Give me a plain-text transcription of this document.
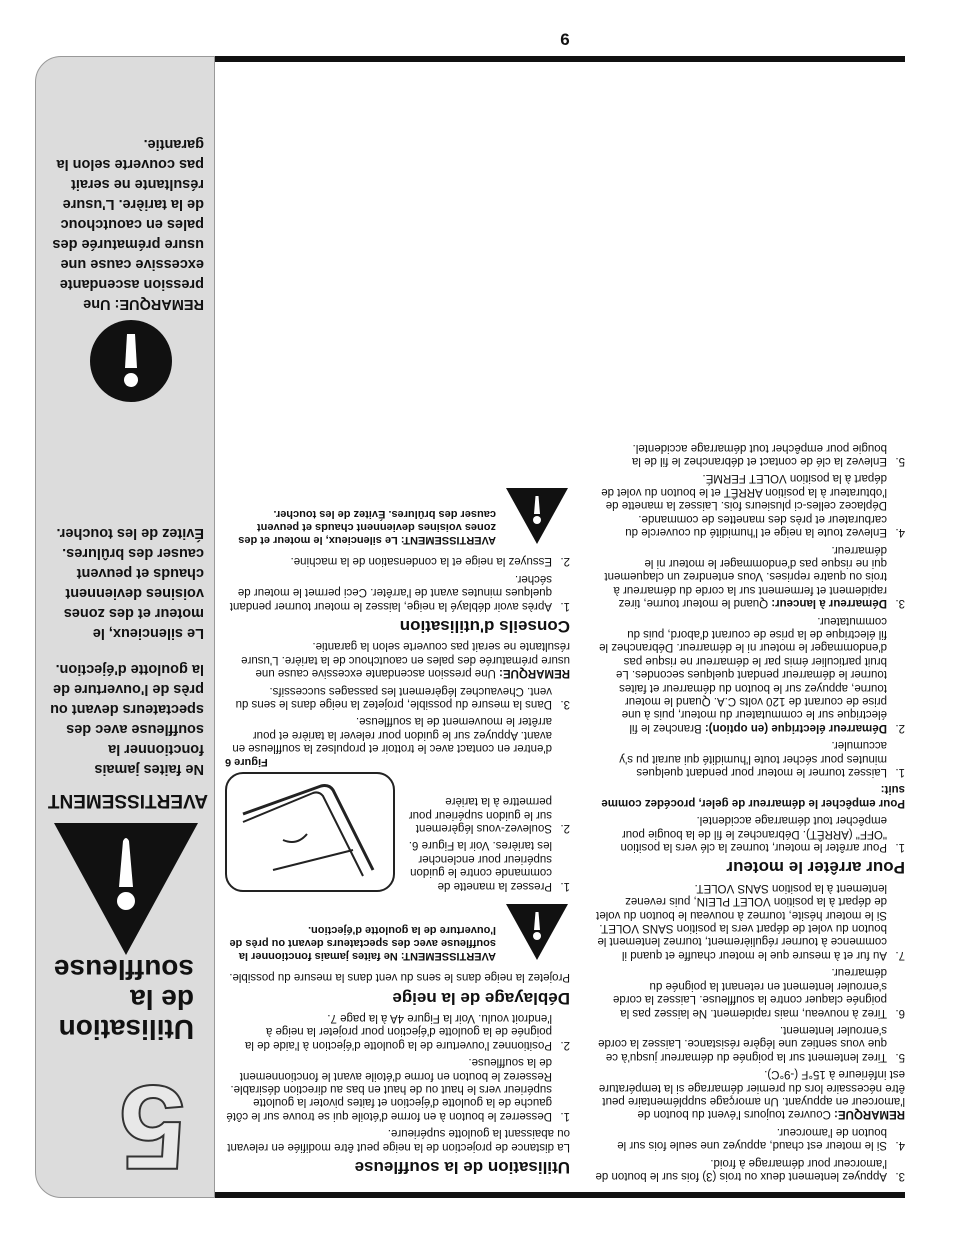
6
5
Utilisation de la souffleuse
AVERTISSEMENT

Ne faites jamais fonctionner la souffleuse avec des spectateurs devant ou près de l'ouverture de la goulotte d'éjection.

Le silencieux, le moteur et des zones voisines deviennent chauds et peuvent causer des brûlures. Évitez de les toucher.

REMARQUE: Une pression ascendante excessive cause une usure prématurée des pales en caoutchouc de la tarière. L'usure résultante ne serait pas couverte selon la garantie.
3.
Appuyez lentement deux ou trois (3) fois sur le bouton de l'amorceur pour démarrage à froid.
4.
Si le moteur est chaud, appuyez une seule fois sur le bouton de l'amorceur.

REMARQUE: Couvrez toujours l'évent du bouton de l'amorceur en appuyant. Un amorçage supplémentaire peut être nécessaire lors du premier démarrage si la température est inférieure à 15°F (-9°C).

5.
Tirez lentement sur la poignée du démarreur jusqu'à ce que vous sentiez une légère résistance. Laissez la corde s'enrouler lentement.
6.
Tirez à nouveau, mais rapidement. Ne laissez pas la poignée claquer contre la souffleuse. Laissez la corde s'enrouler lentement en retenant la poignée du démarreur.
7.
Au fur et à mesure que le moteur chauffe et quand il commence à tourner régulièrement, tournez lentement le bouton du volet de départ vers la position SANS VOLET. Si le moteur hésite, tournez à nouveau le bouton du volet de départ à la position VOLET PLEIN, puis revenez lentement à la position SANS VOLET.
Pour arrêter le moteur
1.
Pour arrêter le moteur, tournez la clé vers la position "OFF" (ARRÊT). Débranchez le fil de la bougie pour empêcher tout démarrage accidentel.

Pour empêcher le démarreur de geler, procédez comme suit:

1.
Laissez tourner le moteur pour pendant quelques minutes pour sécher toute l'humidité qui aurait pu s'y accumuler.
2.
Démarreur électrique (en option): Branchez le fil électrique sur le commutateur du moteur, puis à une prise de courant de 120 volts C.A. Quand le moteur tourne, appuyez sur le bouton du démarreur et faites tourner le démarreur pendant quelques secondes. Le bruit particulier émis par le démarreur ne risque pas d'endommager le moteur ni le démarreur. Débranchez le fil électrique de la prise de courant d'abord, puis du commutateur.
3.
Démarreur à lanceur: Quand le moteur tourne, tirez rapidement et fermement sur la corde du démarreur à trois ou quatre reprises. Vous entendrez un claquement qui ne risque pas d'endommager le moteur ni le démarreur.
4.
Enlevez toute la neige et l'humidité du couvercle du carburateur et près des manettes de commande. Déplacez celles-ci plusieurs fois. Laissez la manette de l'obturateur à la position ARRÊT et le bouton du volet de départ à la position VOLET FERMÉ.
5.
Enlevez la clé de contact et débranchez le fil de la bougie pour empêcher tout démarrage accidentel.
Utilisation de la souffleuse

La distance de projection de la neige peut être modifiée en relevant ou abaissant la goulotte supérieure.

1.
Desserrez le bouton à en forme d'étoile qui se trouve sur le côté gauche de la goulotte d'éjection et faites pivoter la goulotte supérieur vers le haut ou de haut en bas au direction désirable. Resserez le bouton en forme d'étoile avant le fonctionnement de la souffleuse.
2.
Positionnez l'ouverture de la goulotte d'éjection à l'aide de la poignée de la goulotte d'éjection pour projeter la neige à l'endroit voulu. Voir la Figure 4A à la page 7.
Déblayage de la neige

Projetez la neige dans le sens du vent dans la mesure du possible.

AVERTISSEMENT: Ne faites jamais fonctionner la souffleuse avec des spectateurs devant ou près de l'ouverture de la goulotte d'éjection.
1.
Pressez la manette de commande contre le guidon supérieur pour enclencher les tarières. Voir la Figure 6.
2.
Soulevez-vous légèrement sur le guidon supérieur pour permettre à la tarière
Figure 6

d'entrer en contact avec le trottoir et propulsez la souffleuse en avant. Appuyez sur le guidon pour relever la tarière et pour arrêter le mouvement de la souffleuse.

3.
Dans la mesure du possible, projetez la neige dans le sens du vent. Chevauchez légèrement les passages successifs.

REMARQUE: Une pression ascendante excessive cause une usure prématurée des pales en caoutchouc de la tarière. L'usure résultante ne serait pas couverte selon la garantie.

Conseils d'utilisation
1.
Après avoir déblayé la neige, laissez le moteur tourner pendant quelques minutes avant de l'arrêter. Ceci permet le moteur de sécher.
2.
Essuyez la neige et la condensation de la machine.
AVERTISSEMENT: Le silencieux, le moteur et des zones voisines deviennent chauds et peuvent causer des brûlures. Évitez de les toucher.
